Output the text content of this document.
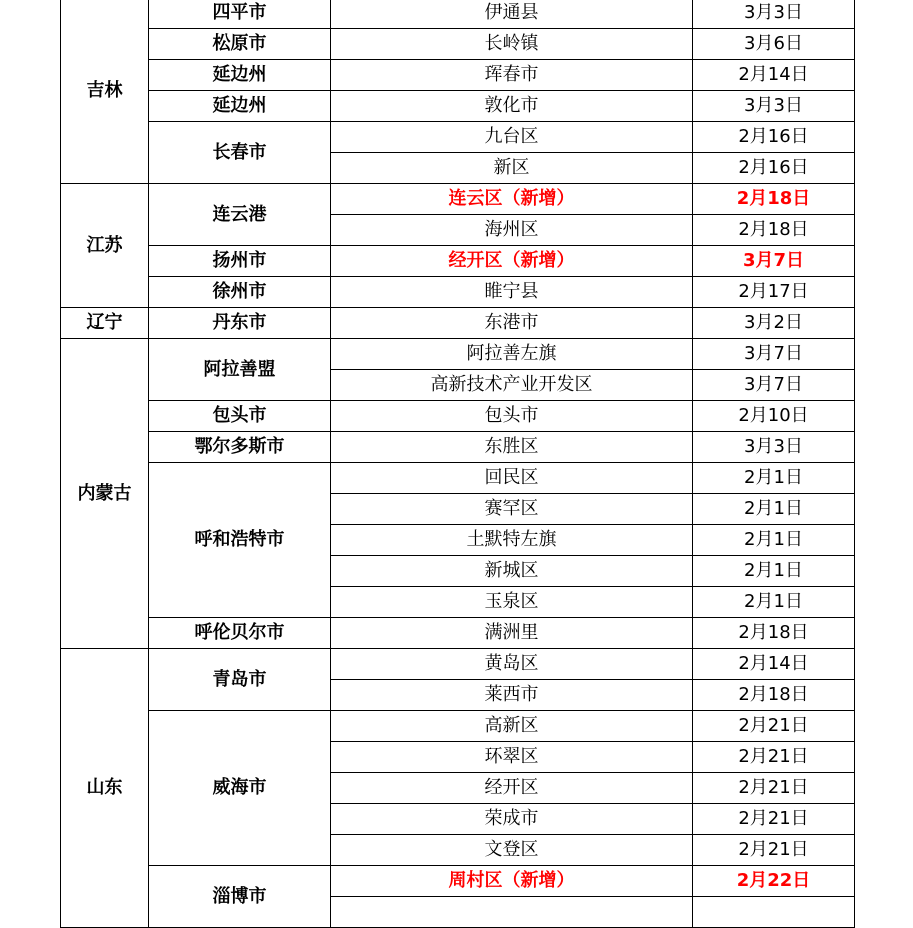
吉林	四平市	伊通县	3月3日
	松原市	长岭镇	3月6日
	延边州	珲春市	2月14日
	延边州	敦化市	3月3日
	长春市	九台区	2月16日
		新区	2月16日
江苏	连云港	连云区（新增）	2月18日
		海州区	2月18日
	扬州市	经开区（新增）	3月7日
	徐州市	睢宁县	2月17日
辽宁	丹东市	东港市	3月2日
内蒙古	阿拉善盟	阿拉善左旗	3月7日
		高新技术产业开发区	3月7日
	包头市	包头市	2月10日
	鄂尔多斯市	东胜区	3月3日
	呼和浩特市	回民区	2月1日
		赛罕区	2月1日
		土默特左旗	2月1日
		新城区	2月1日
		玉泉区	2月1日
	呼伦贝尔市	满洲里	2月18日
山东	青岛市	黄岛区	2月14日
		莱西市	2月18日
	威海市	高新区	2月21日
		环翠区	2月21日
		经开区	2月21日
		荣成市	2月21日
		文登区	2月21日
	淄博市	周村区（新增）	2月22日
